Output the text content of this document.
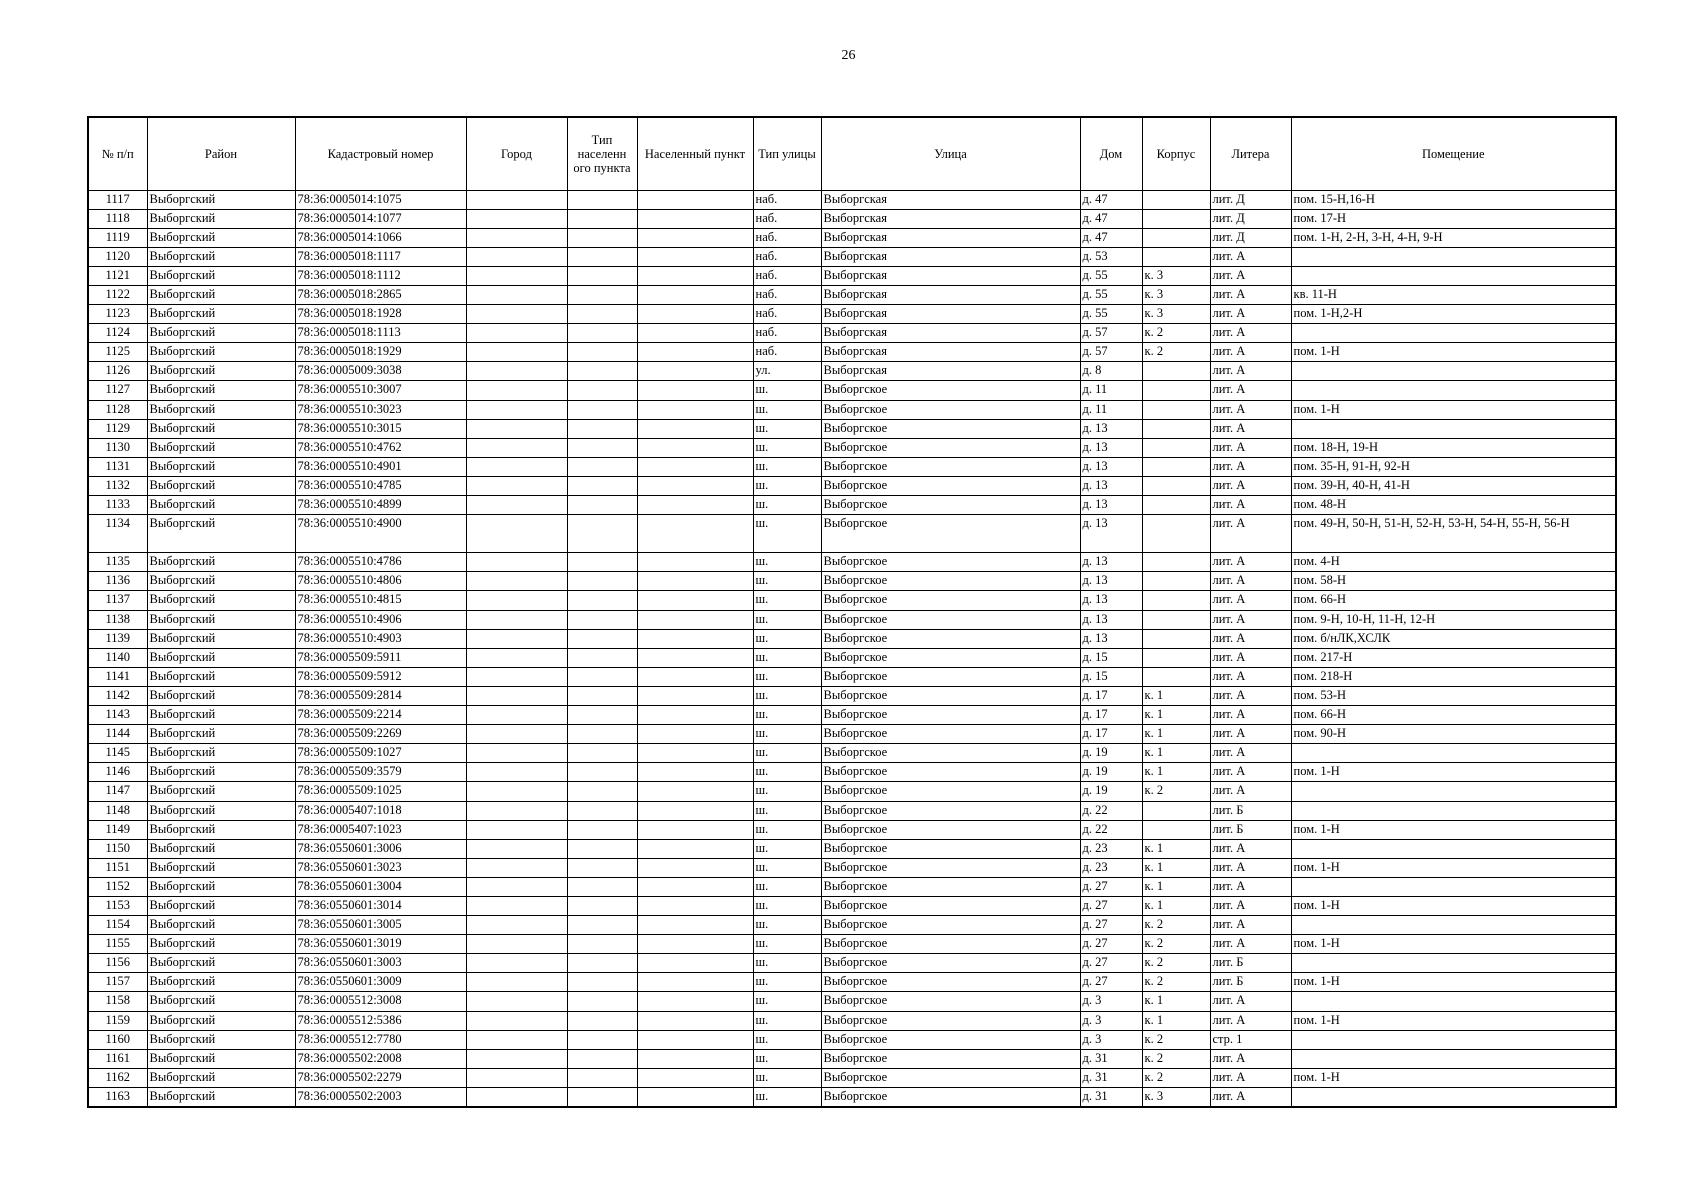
26
№ п/п	Район	Кадастровый номер	Город	Тип населенн ого пункта	Населенный пункт	Тип улицы	Улица	Дом	Корпус	Литера	Помещение
1117	Выборгский	78:36:0005014:1075				наб.	Выборгская	д. 47		лит. Д	пом. 15-Н,16-Н
1118	Выборгский	78:36:0005014:1077				наб.	Выборгская	д. 47		лит. Д	пом. 17-Н
1119	Выборгский	78:36:0005014:1066				наб.	Выборгская	д. 47		лит. Д	пом. 1-Н, 2-Н, 3-Н, 4-Н, 9-Н
1120	Выборгский	78:36:0005018:1117				наб.	Выборгская	д. 53		лит. А	
1121	Выборгский	78:36:0005018:1112				наб.	Выборгская	д. 55	к. 3	лит. А	
1122	Выборгский	78:36:0005018:2865				наб.	Выборгская	д. 55	к. 3	лит. А	кв. 11-Н
1123	Выборгский	78:36:0005018:1928				наб.	Выборгская	д. 55	к. 3	лит. А	пом. 1-Н,2-Н
1124	Выборгский	78:36:0005018:1113				наб.	Выборгская	д. 57	к. 2	лит. А	
1125	Выборгский	78:36:0005018:1929				наб.	Выборгская	д. 57	к. 2	лит. А	пом. 1-Н
1126	Выборгский	78:36:0005009:3038				ул.	Выборгская	д. 8		лит. А	
1127	Выборгский	78:36:0005510:3007				ш.	Выборгское	д. 11		лит. А	
1128	Выборгский	78:36:0005510:3023				ш.	Выборгское	д. 11		лит. А	пом. 1-Н
1129	Выборгский	78:36:0005510:3015				ш.	Выборгское	д. 13		лит. А	
1130	Выборгский	78:36:0005510:4762				ш.	Выборгское	д. 13		лит. А	пом. 18-Н, 19-Н
1131	Выборгский	78:36:0005510:4901				ш.	Выборгское	д. 13		лит. А	пом. 35-Н, 91-Н, 92-Н
1132	Выборгский	78:36:0005510:4785				ш.	Выборгское	д. 13		лит. А	пом. 39-Н, 40-Н, 41-Н
1133	Выборгский	78:36:0005510:4899				ш.	Выборгское	д. 13		лит. А	пом. 48-Н
1134	Выборгский	78:36:0005510:4900				ш.	Выборгское	д. 13		лит. А	пом. 49-Н, 50-Н, 51-Н, 52-Н, 53-Н, 54-Н, 55-Н, 56-Н
1135	Выборгский	78:36:0005510:4786				ш.	Выборгское	д. 13		лит. А	пом. 4-Н
1136	Выборгский	78:36:0005510:4806				ш.	Выборгское	д. 13		лит. А	пом. 58-Н
1137	Выборгский	78:36:0005510:4815				ш.	Выборгское	д. 13		лит. А	пом. 66-Н
1138	Выборгский	78:36:0005510:4906				ш.	Выборгское	д. 13		лит. А	пом. 9-Н, 10-Н, 11-Н, 12-Н
1139	Выборгский	78:36:0005510:4903				ш.	Выборгское	д. 13		лит. А	пом. б/нЛК,ХСЛК
1140	Выборгский	78:36:0005509:5911				ш.	Выборгское	д. 15		лит. А	пом. 217-Н
1141	Выборгский	78:36:0005509:5912				ш.	Выборгское	д. 15		лит. А	пом. 218-Н
1142	Выборгский	78:36:0005509:2814				ш.	Выборгское	д. 17	к. 1	лит. А	пом. 53-Н
1143	Выборгский	78:36:0005509:2214				ш.	Выборгское	д. 17	к. 1	лит. А	пом. 66-Н
1144	Выборгский	78:36:0005509:2269				ш.	Выборгское	д. 17	к. 1	лит. А	пом. 90-Н
1145	Выборгский	78:36:0005509:1027				ш.	Выборгское	д. 19	к. 1	лит. А	
1146	Выборгский	78:36:0005509:3579				ш.	Выборгское	д. 19	к. 1	лит. А	пом. 1-Н
1147	Выборгский	78:36:0005509:1025				ш.	Выборгское	д. 19	к. 2	лит. А	
1148	Выборгский	78:36:0005407:1018				ш.	Выборгское	д. 22		лит. Б	
1149	Выборгский	78:36:0005407:1023				ш.	Выборгское	д. 22		лит. Б	пом. 1-Н
1150	Выборгский	78:36:0550601:3006				ш.	Выборгское	д. 23	к. 1	лит. А	
1151	Выборгский	78:36:0550601:3023				ш.	Выборгское	д. 23	к. 1	лит. А	пом. 1-Н
1152	Выборгский	78:36:0550601:3004				ш.	Выборгское	д. 27	к. 1	лит. А	
1153	Выборгский	78:36:0550601:3014				ш.	Выборгское	д. 27	к. 1	лит. А	пом. 1-Н
1154	Выборгский	78:36:0550601:3005				ш.	Выборгское	д. 27	к. 2	лит. А	
1155	Выборгский	78:36:0550601:3019				ш.	Выборгское	д. 27	к. 2	лит. А	пом. 1-Н
1156	Выборгский	78:36:0550601:3003				ш.	Выборгское	д. 27	к. 2	лит. Б	
1157	Выборгский	78:36:0550601:3009				ш.	Выборгское	д. 27	к. 2	лит. Б	пом. 1-Н
1158	Выборгский	78:36:0005512:3008				ш.	Выборгское	д. 3	к. 1	лит. А	
1159	Выборгский	78:36:0005512:5386				ш.	Выборгское	д. 3	к. 1	лит. А	пом. 1-Н
1160	Выборгский	78:36:0005512:7780				ш.	Выборгское	д. 3	к. 2	стр. 1	
1161	Выборгский	78:36:0005502:2008				ш.	Выборгское	д. 31	к. 2	лит. А	
1162	Выборгский	78:36:0005502:2279				ш.	Выборгское	д. 31	к. 2	лит. А	пом. 1-Н
1163	Выборгский	78:36:0005502:2003				ш.	Выборгское	д. 31	к. 3	лит. А	
